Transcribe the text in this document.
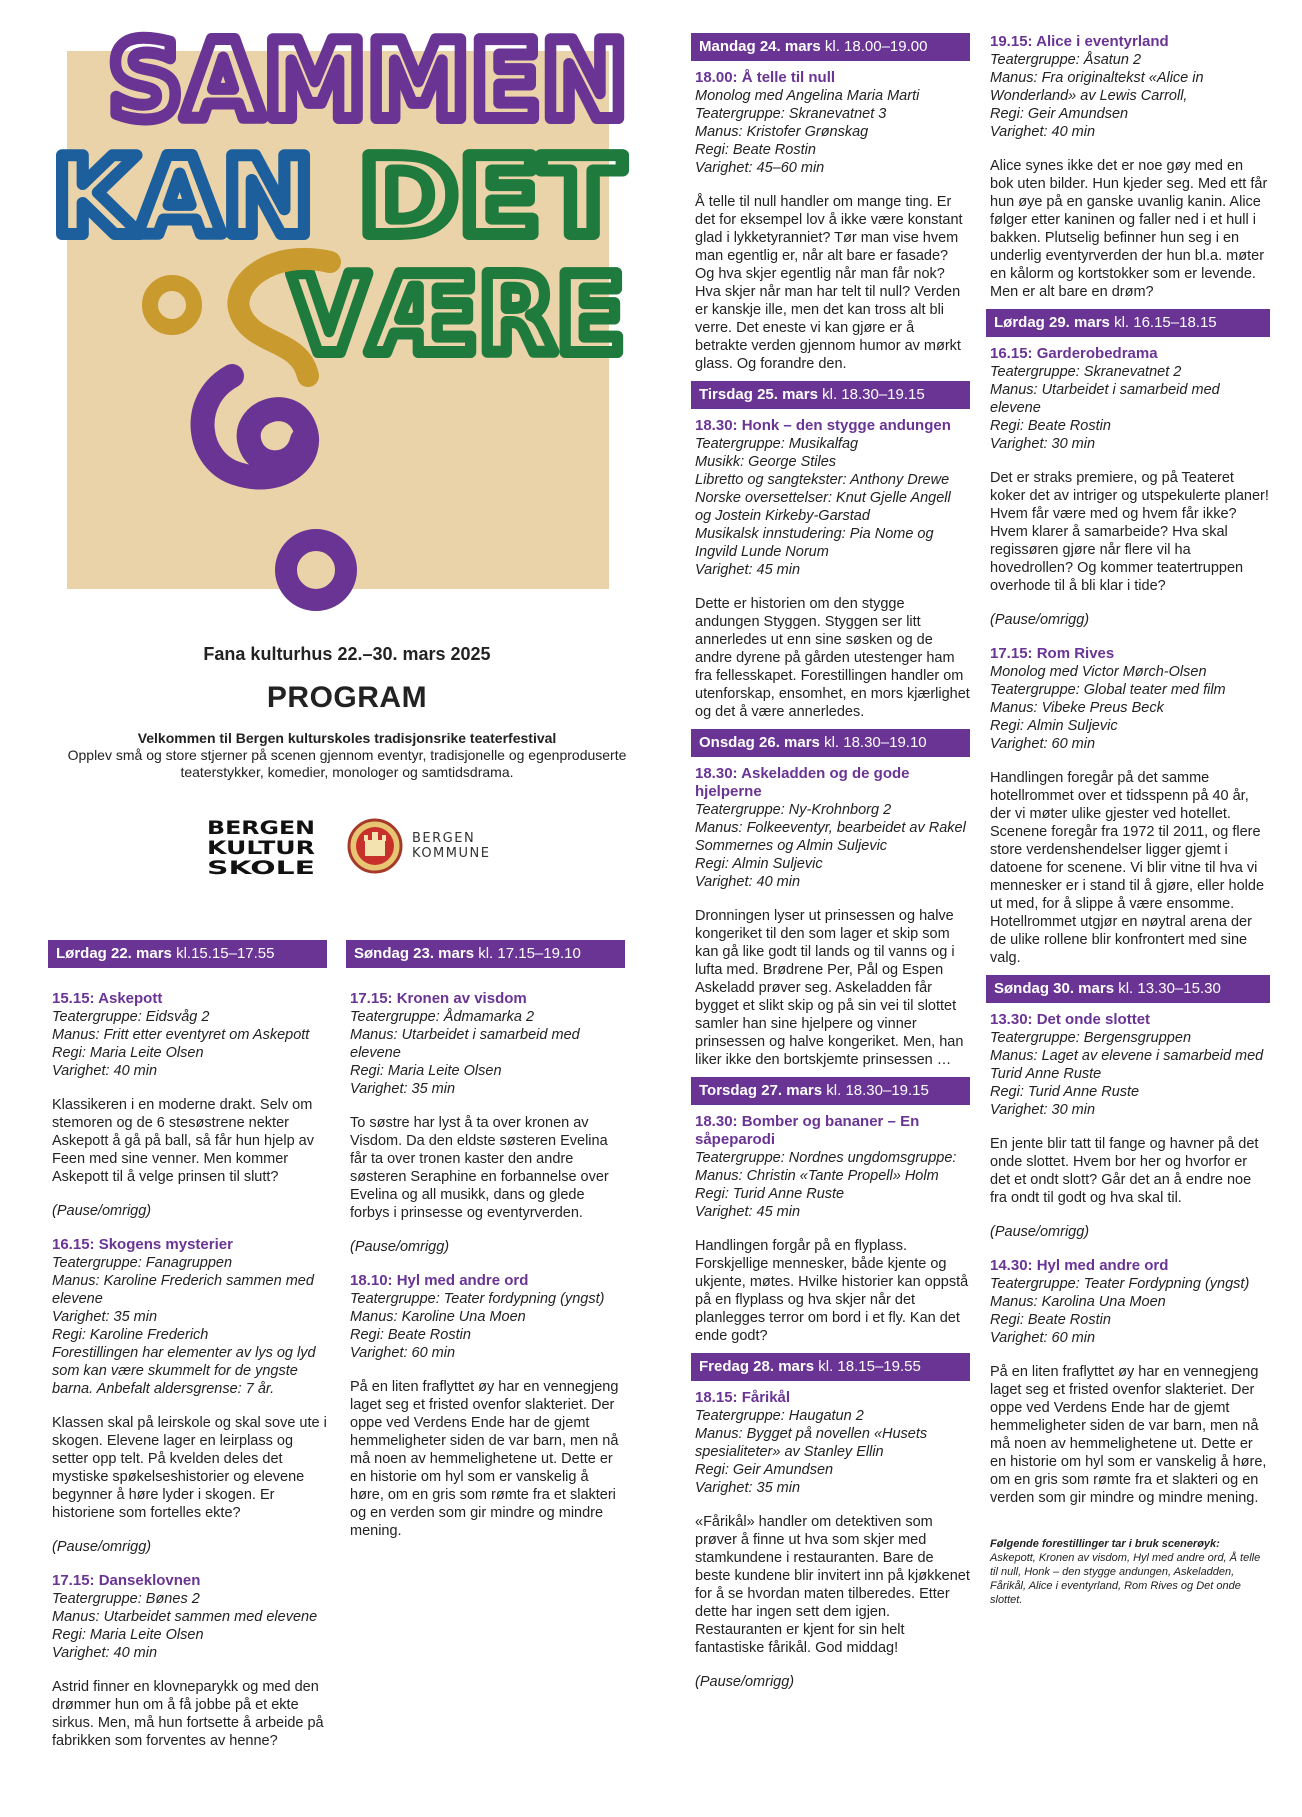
SAMMEN
KAN DET
VÆRE
Fana kulturhus 22.–30. mars 2025
PROGRAM
Velkommen til Bergen kulturskoles tradisjonsrike teaterfestival
Opplev små og store stjerner på scenen gjennom eventyr, tradisjonelle og egenproduserte teaterstykker, komedier, monologer og samtidsdrama.
BERGEN
KULTUR
SKOLE
BERGEN
KOMMUNE
Lørdag 22. mars kl.15.15–17.55
15.15: Askepott
Teatergruppe: Eidsvåg 2
Manus: Fritt etter eventyret om Askepott
Regi: Maria Leite Olsen
Varighet: 40 min
Klassikeren i en moderne drakt. Selv om stemoren og de 6 stesøstrene nekter Askepott å gå på ball, så får hun hjelp av Feen med sine venner. Men kommer Askepott til å velge prinsen til slutt?
(Pause/omrigg)
16.15: Skogens mysterier
Teatergruppe: Fanagruppen
Manus: Karoline Frederich sammen med elevene
Varighet: 35 min
Regi: Karoline Frederich
Forestillingen har elementer av lys og lyd som kan være skummelt for de yngste barna. Anbefalt aldersgrense: 7 år.
Klassen skal på leirskole og skal sove ute i skogen. Elevene lager en leirplass og setter opp telt. På kvelden deles det mystiske spøkelseshistorier og elevene begynner å høre lyder i skogen. Er historiene som fortelles ekte?
(Pause/omrigg)
17.15: Danseklovnen
Teatergruppe: Bønes 2
Manus: Utarbeidet sammen med elevene
Regi: Maria Leite Olsen
Varighet: 40 min
Astrid finner en klovneparykk og med den drømmer hun om å få jobbe på et ekte sirkus. Men, må hun fortsette å arbeide på fabrikken som forventes av henne?
Søndag 23. mars kl. 17.15–19.10
17.15: Kronen av visdom
Teatergruppe: Ådmamarka 2
Manus: Utarbeidet i samarbeid med elevene
Regi: Maria Leite Olsen
Varighet: 35 min
To søstre har lyst å ta over kronen av Visdom. Da den eldste søsteren Evelina får ta over tronen kaster den andre søsteren Seraphine en forbannelse over Evelina og all musikk, dans og glede forbys i prinsesse og eventyrverden.
(Pause/omrigg)
18.10: Hyl med andre ord
Teatergruppe: Teater fordypning (yngst)
Manus: Karoline Una Moen
Regi: Beate Rostin
Varighet: 60 min
På en liten fraflyttet øy har en vennegjeng laget seg et fristed ovenfor slakteriet. Der oppe ved Verdens Ende har de gjemt hemmeligheter siden de var barn, men nå må noen av hemmelighetene ut. Dette er en historie om hyl som er vanskelig å høre, om en gris som rømte fra et slakteri og en verden som gir mindre og mindre mening.
Mandag 24. mars kl. 18.00–19.00
18.00: Å telle til null
Monolog med Angelina Maria Marti
Teatergruppe: Skranevatnet 3
Manus: Kristofer Grønskag
Regi: Beate Rostin
Varighet: 45–60 min
Å telle til null handler om mange ting. Er det for eksempel lov å ikke være konstant glad i lykketyranniet? Tør man vise hvem man egentlig er, når alt bare er fasade? Og hva skjer egentlig når man får nok? Hva skjer når man har telt til null? Verden er kanskje ille, men det kan tross alt bli verre. Det eneste vi kan gjøre er å betrakte verden gjennom humor av mørkt glass. Og forandre den.
Tirsdag 25. mars kl. 18.30–19.15
18.30: Honk – den stygge andungen
Teatergruppe: Musikalfag
Musikk: George Stiles
Libretto og sangtekster: Anthony Drewe
Norske oversettelser: Knut Gjelle Angell og Jostein Kirkeby-Garstad
Musikalsk innstudering: Pia Nome og Ingvild Lunde Norum
Varighet: 45 min
Dette er historien om den stygge andungen Styggen. Styggen ser litt annerledes ut enn sine søsken og de andre dyrene på gården utestenger ham fra fellesskapet. Forestillingen handler om utenforskap, ensomhet, en mors kjærlighet og det å være annerledes.
Onsdag 26. mars kl. 18.30–19.10
18.30: Askeladden og de gode hjelperne
Teatergruppe: Ny-Krohnborg 2
Manus: Folkeeventyr, bearbeidet av Rakel Sommernes og Almin Suljevic
Regi: Almin Suljevic
Varighet: 40 min
Dronningen lyser ut prinsessen og halve kongeriket til den som lager et skip som kan gå like godt til lands og til vanns og i lufta med. Brødrene Per, Pål og Espen Askeladd prøver seg. Askeladden får bygget et slikt skip og på sin vei til slottet samler han sine hjelpere og vinner prinsessen og halve kongeriket. Men, han liker ikke den bortskjemte prinsessen …
Torsdag 27. mars kl. 18.30–19.15
18.30: Bomber og bananer – En såpeparodi
Teatergruppe: Nordnes ungdomsgruppe:
Manus: Christin «Tante Propell» Holm
Regi: Turid Anne Ruste
Varighet: 45 min
Handlingen forgår på en flyplass. Forskjellige mennesker, både kjente og ukjente, møtes. Hvilke historier kan oppstå på en flyplass og hva skjer når det planlegges terror om bord i et fly. Kan det ende godt?
Fredag 28. mars kl. 18.15–19.55
18.15: Fårikål
Teatergruppe: Haugatun 2
Manus: Bygget på novellen «Husets spesialiteter» av Stanley Ellin
Regi: Geir Amundsen
Varighet: 35 min
«Fårikål» handler om detektiven som prøver å finne ut hva som skjer med stamkundene i restauranten. Bare de beste kundene blir invitert inn på kjøkkenet for å se hvordan maten tilberedes. Etter dette har ingen sett dem igjen. Restauranten er kjent for sin helt fantastiske fårikål. God middag!
(Pause/omrigg)
19.15: Alice i eventyrland
Teatergruppe: Åsatun 2
Manus: Fra originaltekst «Alice in Wonderland» av Lewis Carroll,
Regi: Geir Amundsen
Varighet: 40 min
Alice synes ikke det er noe gøy med en bok uten bilder. Hun kjeder seg. Med ett får hun øye på en ganske uvanlig kanin. Alice følger etter kaninen og faller ned i et hull i bakken. Plutselig befinner hun seg i en underlig eventyrverden der hun bl.a. møter en kålorm og kortstokker som er levende. Men er alt bare en drøm?
Lørdag 29. mars kl. 16.15–18.15
16.15: Garderobedrama
Teatergruppe: Skranevatnet 2
Manus: Utarbeidet i samarbeid med elevene
Regi: Beate Rostin
Varighet: 30 min
Det er straks premiere, og på Teateret koker det av intriger og utspekulerte planer! Hvem får være med og hvem får ikke? Hvem klarer å samarbeide? Hva skal regissøren gjøre når flere vil ha hovedrollen? Og kommer teatertruppen overhode til å bli klar i tide?
(Pause/omrigg)
17.15: Rom Rives
Monolog med Victor Mørch-Olsen
Teatergruppe: Global teater med film
Manus: Vibeke Preus Beck
Regi: Almin Suljevic
Varighet: 60 min
Handlingen foregår på det samme hotellrommet over et tidsspenn på 40 år, der vi møter ulike gjester ved hotellet. Scenene foregår fra 1972 til 2011, og flere store verdenshendelser ligger gjemt i datoene for scenene. Vi blir vitne til hva vi mennesker er i stand til å gjøre, eller holde ut med, for å slippe å være ensomme. Hotellrommet utgjør en nøytral arena der de ulike rollene blir konfrontert med sine valg.
Søndag 30. mars kl. 13.30–15.30
13.30: Det onde slottet
Teatergruppe: Bergensgruppen
Manus: Laget av elevene i samarbeid med Turid Anne Ruste
Regi: Turid Anne Ruste
Varighet: 30 min
En jente blir tatt til fange og havner på det onde slottet. Hvem bor her og hvorfor er det et ondt slott? Går det an å endre noe fra ondt til godt og hva skal til.
(Pause/omrigg)
14.30: Hyl med andre ord
Teatergruppe: Teater Fordypning (yngst)
Manus: Karolina Una Moen
Regi: Beate Rostin
Varighet: 60 min
På en liten fraflyttet øy har en vennegjeng laget seg et fristed ovenfor slakteriet. Der oppe ved Verdens Ende har de gjemt hemmeligheter siden de var barn, men nå må noen av hemmelighetene ut. Dette er en historie om hyl som er vanskelig å høre, om en gris som rømte fra et slakteri og en verden som gir mindre og mindre mening.
Følgende forestillinger tar i bruk scenerøyk:
Askepott, Kronen av visdom, Hyl med andre ord, Å telle til null, Honk – den stygge andungen, Askeladden, Fårikål, Alice i eventyrland, Rom Rives og Det onde slottet.
